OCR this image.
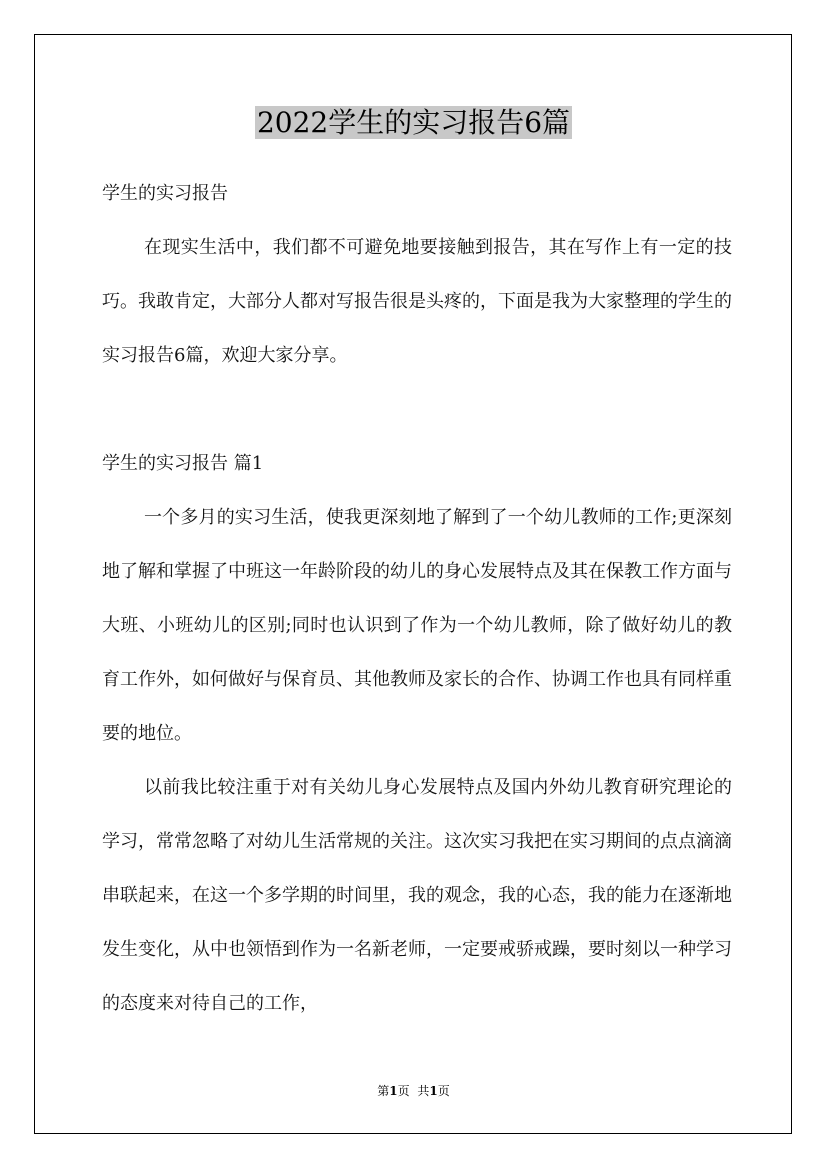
2022学生的实习报告6篇

学生的实习报告

在现实生活中，我们都不可避免地要接触到报告，其在写作上有一定的技巧。我敢肯定，大部分人都对写报告很是头疼的，下面是我为大家整理的学生的实习报告6篇，欢迎大家分享。

学生的实习报告 篇1

一个多月的实习生活，使我更深刻地了解到了一个幼儿教师的工作;更深刻地了解和掌握了中班这一年龄阶段的幼儿的身心发展特点及其在保教工作方面与大班、小班幼儿的区别;同时也认识到了作为一个幼儿教师，除了做好幼儿的教育工作外，如何做好与保育员、其他教师及家长的合作、协调工作也具有同样重要的地位。

以前我比较注重于对有关幼儿身心发展特点及国内外幼儿教育研究理论的学习，常常忽略了对幼儿生活常规的关注。这次实习我把在实习期间的点点滴滴串联起来，在这一个多学期的时间里，我的观念，我的心态，我的能力在逐渐地发生变化，从中也领悟到作为一名新老师，一定要戒骄戒躁，要时刻以一种学习的态度来对待自己的工作，

第1页 共1页
